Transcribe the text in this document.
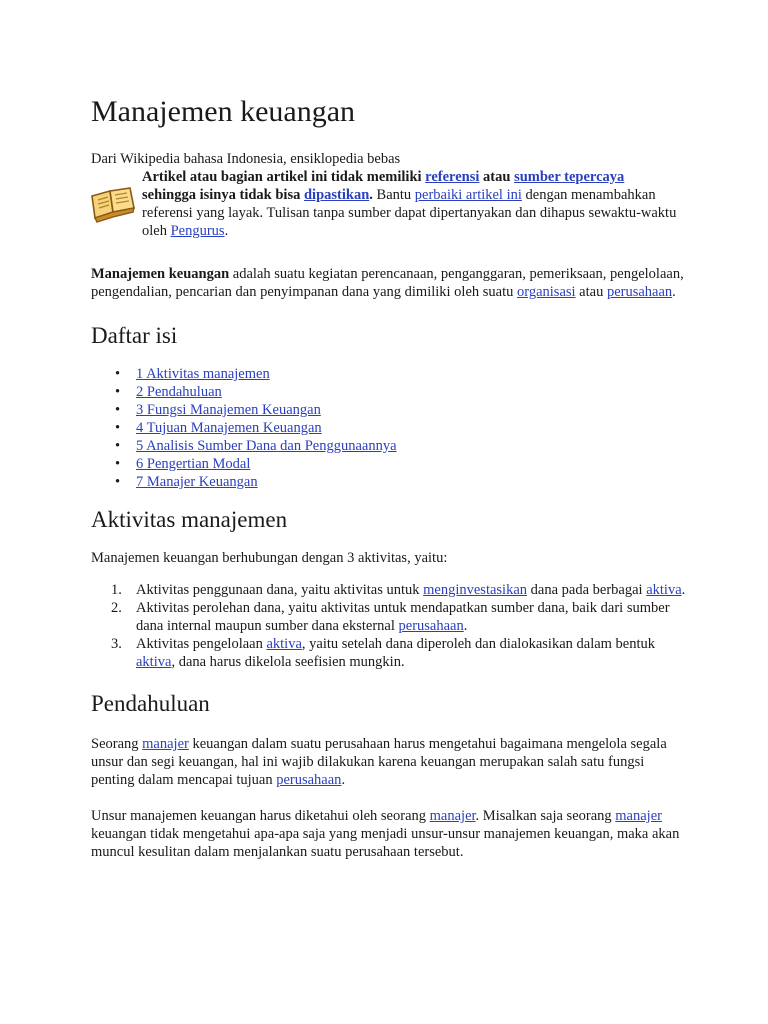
Manajemen keuangan

Dari Wikipedia bahasa Indonesia, ensiklopedia bebas

Artikel atau bagian artikel ini tidak memiliki referensi atau sumber tepercaya
sehingga isinya tidak bisa dipastikan. Bantu perbaiki artikel ini dengan menambahkan referensi yang layak. Tulisan tanpa sumber dapat dipertanyakan dan dihapus sewaktu-waktu oleh Pengurus.

Manajemen keuangan adalah suatu kegiatan perencanaan, penganggaran, pemeriksaan, pengelolaan, pengendalian, pencarian dan penyimpanan dana yang dimiliki oleh suatu organisasi atau perusahaan.

Daftar isi
• 1 Aktivitas manajemen
• 2 Pendahuluan
• 3 Fungsi Manajemen Keuangan
• 4 Tujuan Manajemen Keuangan
• 5 Analisis Sumber Dana dan Penggunaannya
• 6 Pengertian Modal
• 7 Manajer Keuangan
Aktivitas manajemen

Manajemen keuangan berhubungan dengan 3 aktivitas, yaitu:

1. Aktivitas penggunaan dana, yaitu aktivitas untuk menginvestasikan dana pada berbagai aktiva.
2. Aktivitas perolehan dana, yaitu aktivitas untuk mendapatkan sumber dana, baik dari sumber dana internal maupun sumber dana eksternal perusahaan.
3. Aktivitas pengelolaan aktiva, yaitu setelah dana diperoleh dan dialokasikan dalam bentuk aktiva, dana harus dikelola seefisien mungkin.
Pendahuluan

Seorang manajer keuangan dalam suatu perusahaan harus mengetahui bagaimana mengelola segala unsur dan segi keuangan, hal ini wajib dilakukan karena keuangan merupakan salah satu fungsi penting dalam mencapai tujuan perusahaan.

Unsur manajemen keuangan harus diketahui oleh seorang manajer. Misalkan saja seorang manajer keuangan tidak mengetahui apa-apa saja yang menjadi unsur-unsur manajemen keuangan, maka akan muncul kesulitan dalam menjalankan suatu perusahaan tersebut.
